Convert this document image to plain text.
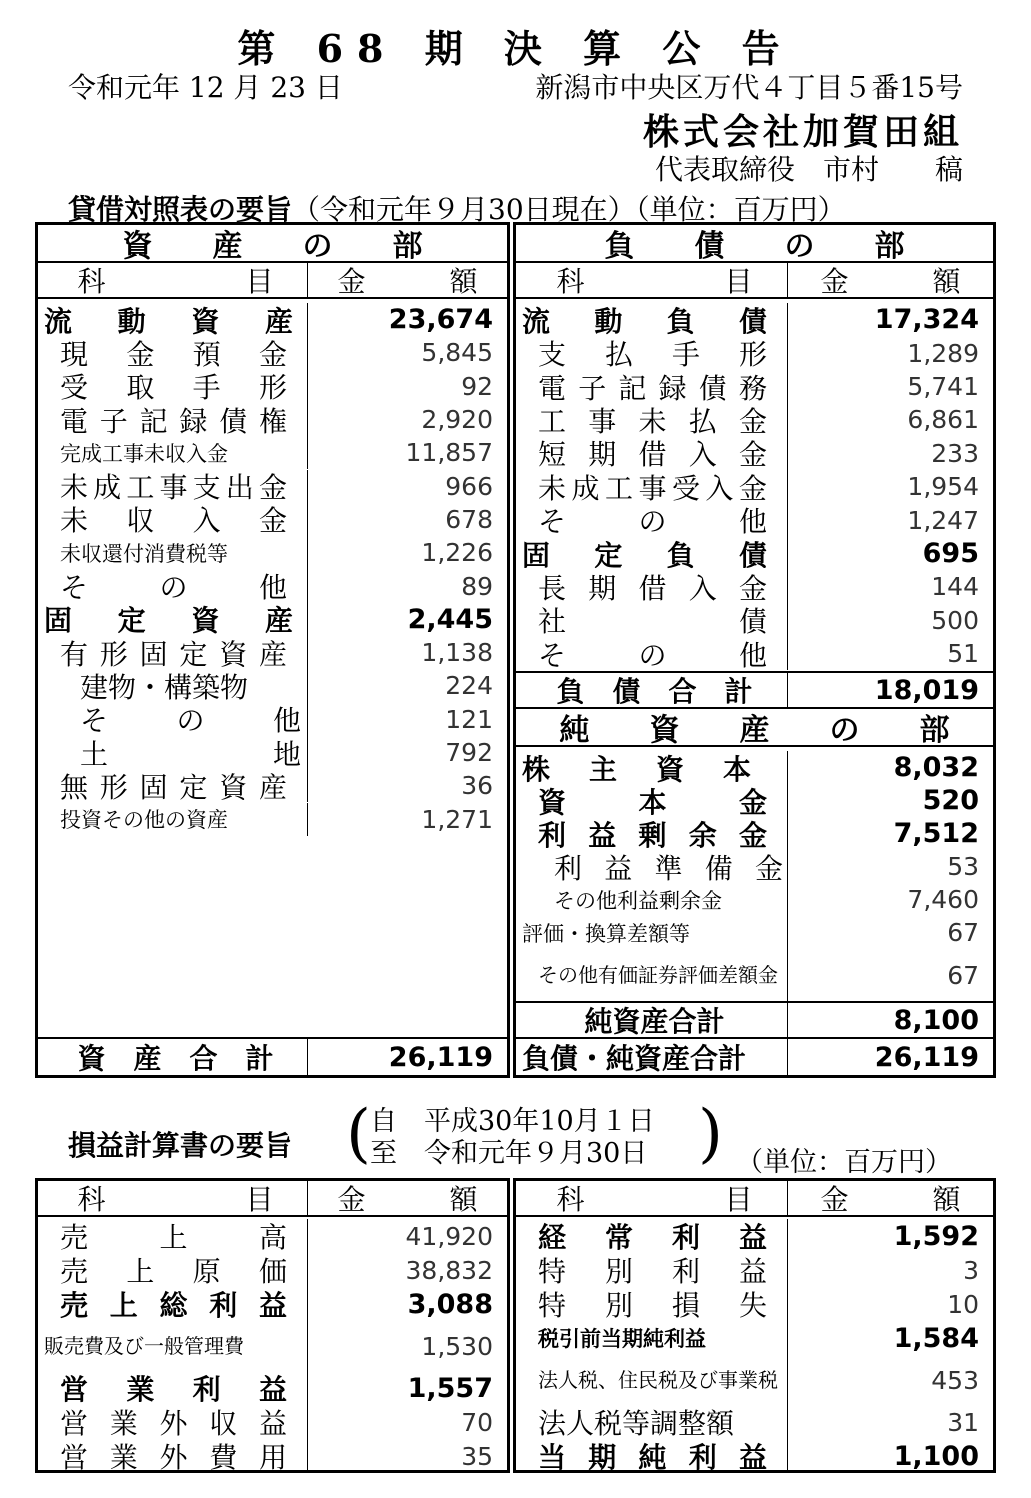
第 68 期 決 算 公 告
令和元年 12 月 23 日	新潟市中央区万代４丁目５番15号
株式会社加賀田組
代表取締役　市村　　稿
貸借対照表の要旨（令和元年９月30日現在）（単位：百万円）
資　　産　　の　　部
科　　　　　目	金　　　額
資　産　合　計	26,119
流 動 資 産	23,674
現 金 預 金	5,845
受 取 手 形	92
電 子 記 録 債 権	2,920
完成工事未収入金	11,857
未 成 工 事 支 出 金	966
未 収 入 金	678
未収還付消費税等	1,226
そ	の	他	89
固 定 資 産	2,445
有 形 固 定 資 産	1,138
建物・構築物	224
そ の 他	121
土	地	792
無 形 固 定 資 産	36
投資その他の資産	1,271
負　　債　　の　　部
科　　　　　目	金　　　額
負　債　合　計	18,019
純　　資　　産　　の　　部
純資産合計	8,100
負債・純資産合計	26,119
流 動 負 債	17,324
支 払 手 形	1,289
電 子 記 録 債 務	5,741
工 事 未 払 金	6,861
短 期 借 入 金	233
未 成 工 事 受 入 金	1,954
そ	の	他	1,247
固 定 負 債	695
長 期 借 入 金	144
社	債	500
そ	の	他	51
株 主 資 本	8,032
資	本	金	520
利 益 剰 余 金	7,512
利 益 準 備 金	53
その他利益剰余金	7,460
評価・換算差額等	67
その他有価証券評価差額金	67
損益計算書の要旨 ( 自　平成30年10月１日
至　令和元年９月30日 ) （単位：百万円）
科　　　　　目	金　　　額
売	上	高	41,920
売 上 原 価	38,832
売 上 総 利 益	3,088
販売費及び一般管理費	1,530
営 業 利 益	1,557
営 業 外 収 益	70
営 業 外 費 用	35
科　　　　　目	金　　　額
経 常 利 益	1,592
特 別 利 益	3
特 別 損 失	10
税引前当期純利益	1,584
法人税、住民税及び事業税	453
法人税等調整額	31
当 期 純 利 益	1,100
